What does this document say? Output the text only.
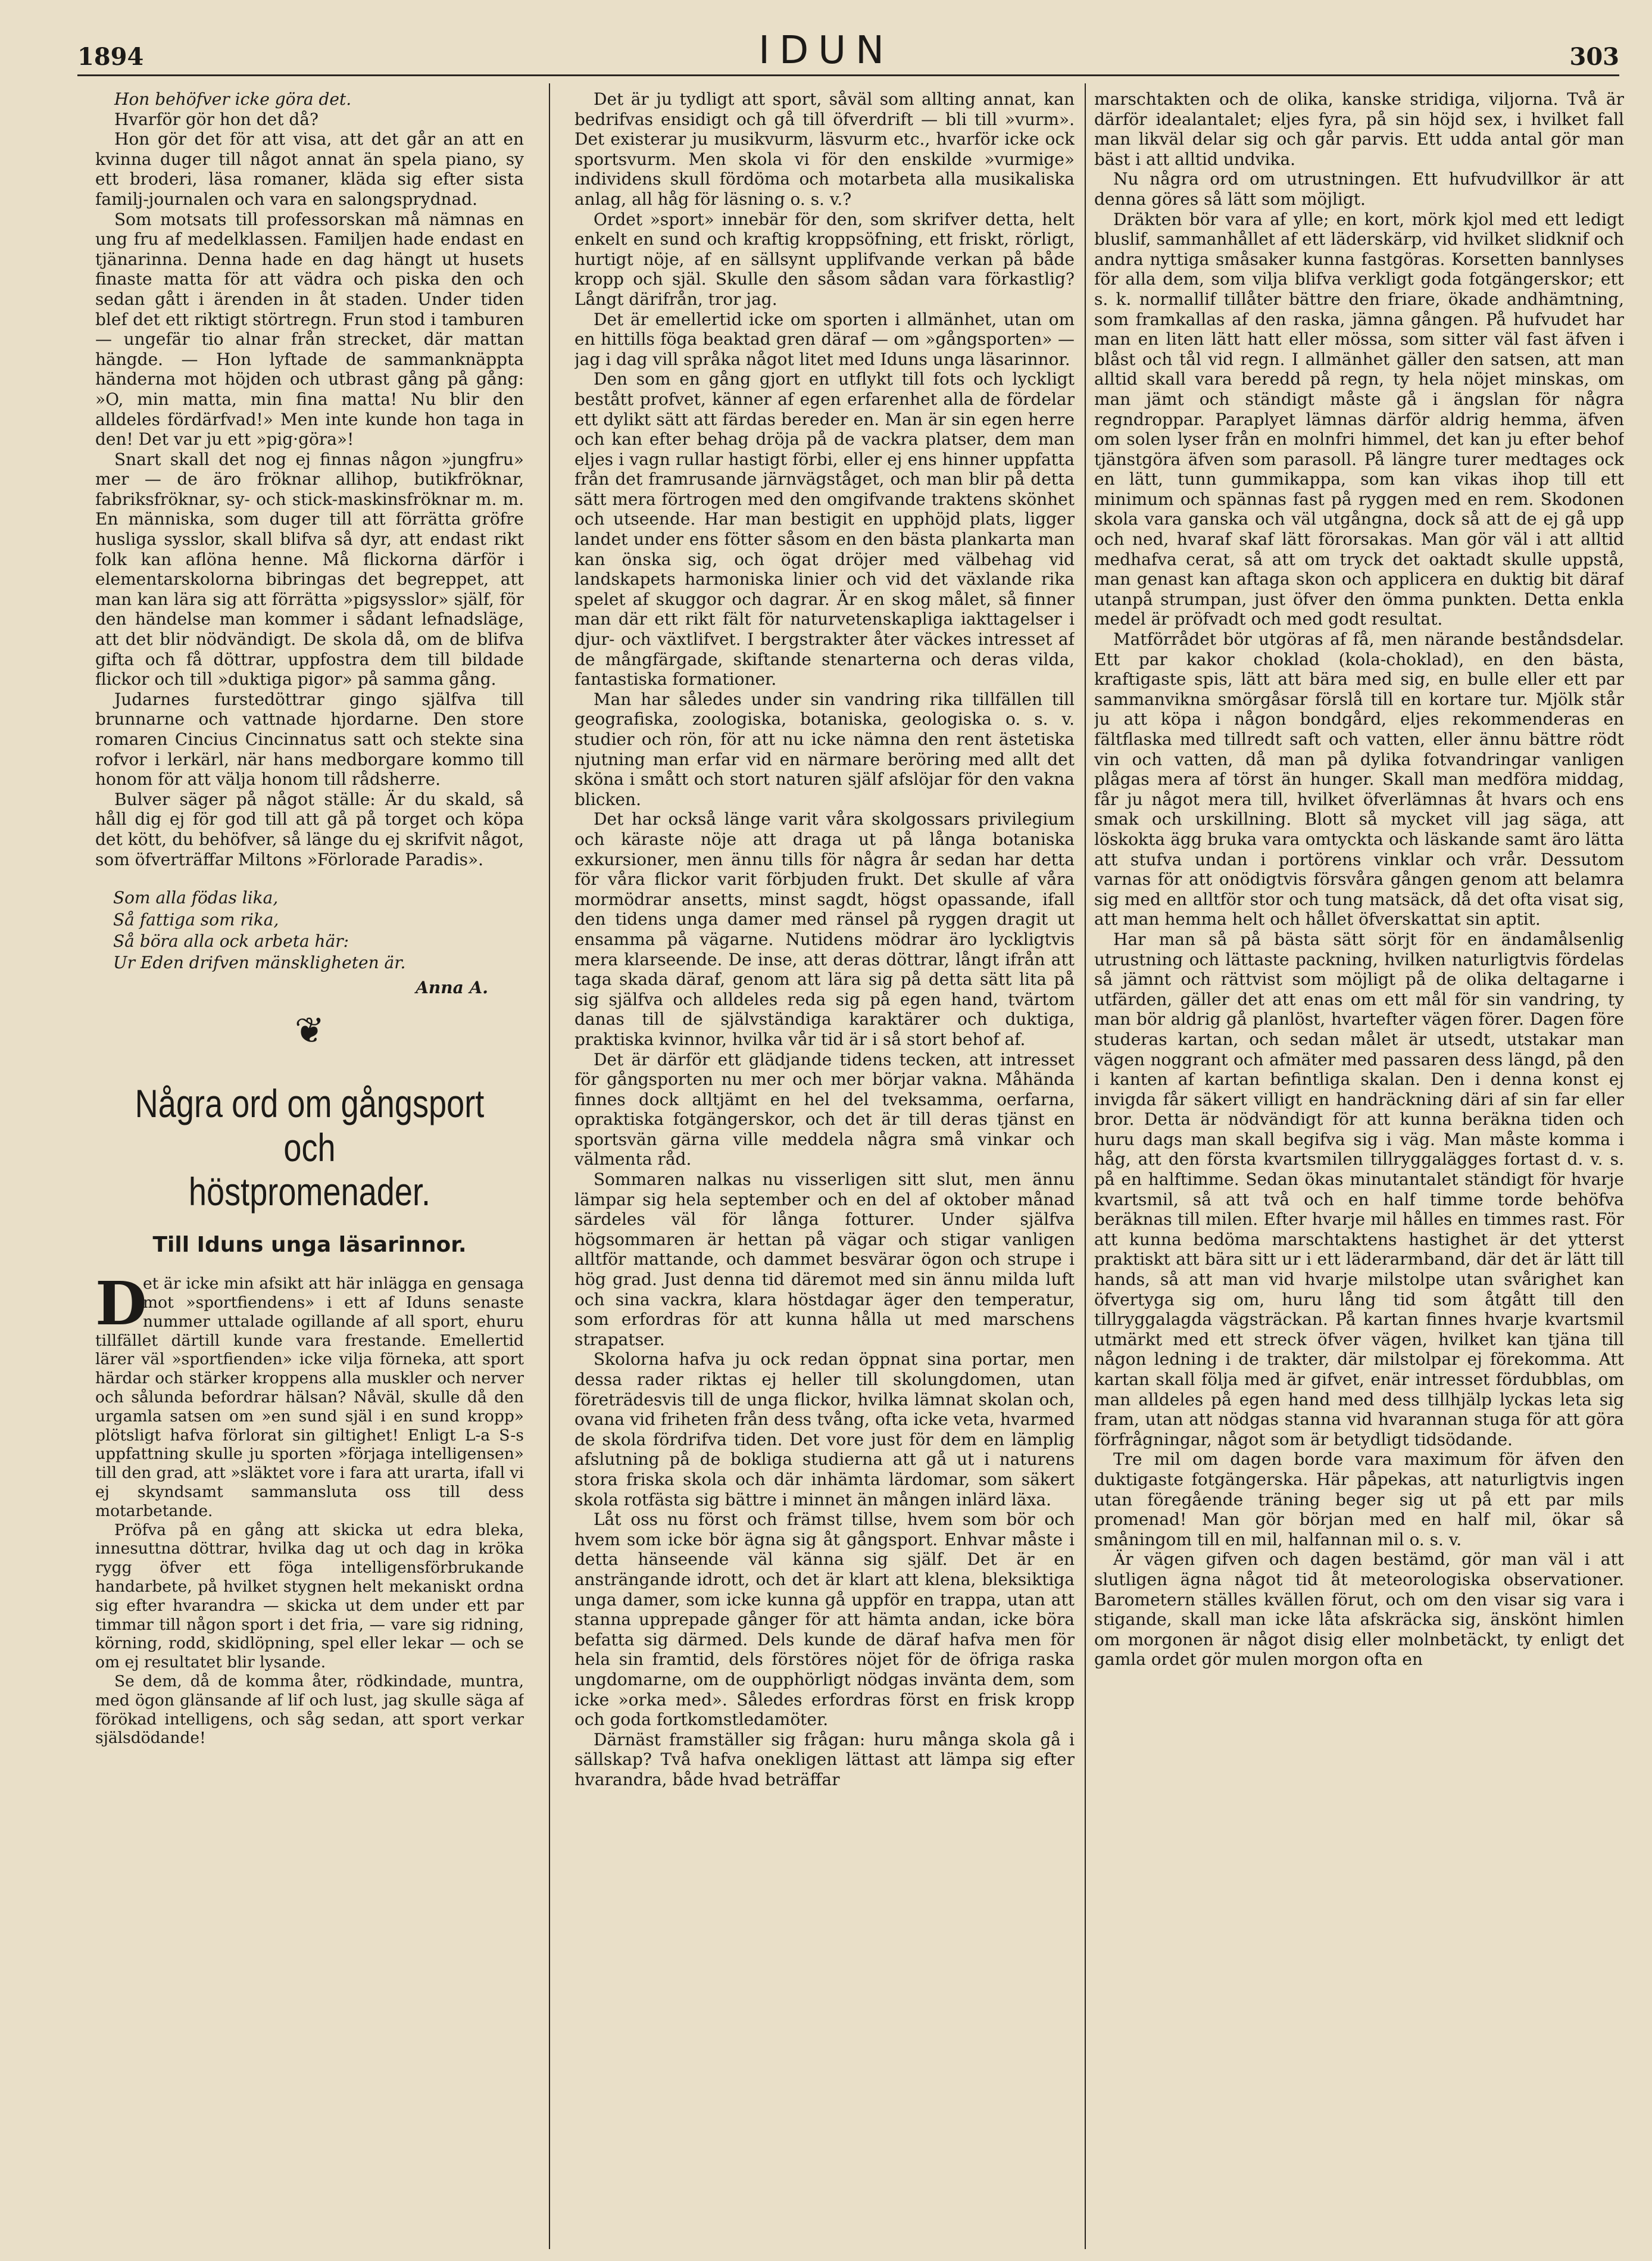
1894	IDUN	303

Hon behöfver icke göra det.

Hvarför gör hon det då?

Hon gör det för att visa, att det går an att en kvinna duger till något annat än spela piano, sy ett broderi, läsa romaner, kläda sig efter sista familj-journalen och vara en salongsprydnad.

Som motsats till professorskan må nämnas en ung fru af medelklassen. Familjen hade endast en tjänarinna. Denna hade en dag hängt ut husets finaste matta för att vädra och piska den och sedan gått i ärenden in åt staden. Under tiden blef det ett riktigt störtregn. Frun stod i tamburen — ungefär tio alnar från strecket, där mattan hängde. — Hon lyftade de sammanknäppta händerna mot höjden och utbrast gång på gång: »O, min matta, min fina matta! Nu blir den alldeles fördärfvad!» Men inte kunde hon taga in den! Det var ju ett »pig·göra»!

Snart skall det nog ej finnas någon »jungfru» mer — de äro fröknar allihop, butikfröknar, fabriksfröknar, sy- och stick-maskinsfröknar m. m. En människa, som duger till att förrätta gröfre husliga sysslor, skall blifva så dyr, att endast rikt folk kan aflöna henne. Må flickorna därför i elementarskolorna bibringas det begreppet, att man kan lära sig att förrätta »pigsysslor» själf, för den händelse man kommer i sådant lefnadsläge, att det blir nödvändigt. De skola då, om de blifva gifta och få döttrar, uppfostra dem till bildade flickor och till »duktiga pigor» på samma gång.

Judarnes furstedöttrar gingo själfva till brunnarne och vattnade hjordarne. Den store romaren Cincius Cincinnatus satt och stekte sina rofvor i lerkärl, när hans medborgare kommo till honom för att välja honom till rådsherre.

Bulver säger på något ställe: Är du skald, så håll dig ej för god till att gå på torget och köpa det kött, du behöfver, så länge du ej skrifvit något, som öfverträffar Miltons »Förlorade Paradis».

Som alla födas lika,
Så fattiga som rika,
Så böra alla ock arbeta här:
Ur Eden drifven mänskligheten är.
Anna A.
❦
Några ord om gångsport och
höstpromenader.
Till Iduns unga läsarinnor.

D
et är icke min afsikt att här inlägga en gensaga mot »sportfiendens» i ett af Iduns senaste nummer uttalade ogillande af all sport, ehuru tillfället därtill kunde vara frestande. Emellertid lärer väl »sportfienden» icke vilja förneka, att sport härdar och stärker kroppens alla muskler och nerver och sålunda befordrar hälsan? Nåväl, skulle då den urgamla satsen om »en sund själ i en sund kropp» plötsligt hafva förlorat sin giltighet! Enligt L-a S-s uppfattning skulle ju sporten »förjaga intelligensen» till den grad, att »släktet vore i fara att urarta, ifall vi ej skyndsamt sammansluta oss till dess motarbetande.

Pröfva på en gång att skicka ut edra bleka, innesuttna döttrar, hvilka dag ut och dag in kröka rygg öfver ett föga intelligensförbrukande handarbete, på hvilket stygnen helt mekaniskt ordna sig efter hvarandra — skicka ut dem under ett par timmar till någon sport i det fria, — vare sig ridning, körning, rodd, skidlöpning, spel eller lekar — och se om ej resultatet blir lysande.

Se dem, då de komma åter, rödkindade, muntra, med ögon glänsande af lif och lust, jag skulle säga af förökad intelligens, och såg sedan, att sport verkar själsdödande!

Det är ju tydligt att sport, såväl som allting annat, kan bedrifvas ensidigt och gå till öfverdrift — bli till »vurm». Det existerar ju musikvurm, läsvurm etc., hvarför icke ock sportsvurm. Men skola vi för den enskilde »vurmige» individens skull fördöma och motarbeta alla musikaliska anlag, all håg för läsning o. s. v.?

Ordet »sport» innebär för den, som skrifver detta, helt enkelt en sund och kraftig kroppsöfning, ett friskt, rörligt, hurtigt nöje, af en sällsynt upplifvande verkan på både kropp och själ. Skulle den såsom sådan vara förkastlig? Långt därifrån, tror jag.

Det är emellertid icke om sporten i allmänhet, utan om en hittills föga beaktad gren däraf — om »gångsporten» — jag i dag vill språka något litet med Iduns unga läsarinnor.

Den som en gång gjort en utflykt till fots och lyckligt bestått profvet, känner af egen erfarenhet alla de fördelar ett dylikt sätt att färdas bereder en. Man är sin egen herre och kan efter behag dröja på de vackra platser, dem man eljes i vagn rullar hastigt förbi, eller ej ens hinner uppfatta från det framrusande järnvägståget, och man blir på detta sätt mera förtrogen med den omgifvande traktens skönhet och utseende. Har man bestigit en upphöjd plats, ligger landet under ens fötter såsom en den bästa plankarta man kan önska sig, och ögat dröjer med välbehag vid landskapets harmoniska linier och vid det växlande rika spelet af skuggor och dagrar. Är en skog målet, så finner man där ett rikt fält för naturvetenskapliga iakttagelser i djur- och växtlifvet. I bergstrakter åter väckes intresset af de mångfärgade, skiftande stenarterna och deras vilda, fantastiska formationer.

Man har således under sin vandring rika tillfällen till geografiska, zoologiska, botaniska, geologiska o. s. v. studier och rön, för att nu icke nämna den rent ästetiska njutning man erfar vid en närmare beröring med allt det sköna i smått och stort naturen själf afslöjar för den vakna blicken.

Det har också länge varit våra skolgossars privilegium och käraste nöje att draga ut på långa botaniska exkursioner, men ännu tills för några år sedan har detta för våra flickor varit förbjuden frukt. Det skulle af våra mormödrar ansetts, minst sagdt, högst opassande, ifall den tidens unga damer med ränsel på ryggen dragit ut ensamma på vägarne. Nutidens mödrar äro lyckligtvis mera klarseende. De inse, att deras döttrar, långt ifrån att taga skada däraf, genom att lära sig på detta sätt lita på sig själfva och alldeles reda sig på egen hand, tvärtom danas till de självständiga karaktärer och duktiga, praktiska kvinnor, hvilka vår tid är i så stort behof af.

Det är därför ett glädjande tidens tecken, att intresset för gångsporten nu mer och mer börjar vakna. Måhända finnes dock alltjämt en hel del tveksamma, oerfarna, opraktiska fotgängerskor, och det är till deras tjänst en sportsvän gärna ville meddela några små vinkar och välmenta råd.

Sommaren nalkas nu visserligen sitt slut, men ännu lämpar sig hela september och en del af oktober månad särdeles väl för långa fotturer. Under själfva högsommaren är hettan på vägar och stigar vanligen alltför mattande, och dammet besvärar ögon och strupe i hög grad. Just denna tid däremot med sin ännu milda luft och sina vackra, klara höstdagar äger den temperatur, som erfordras för att kunna hålla ut med marschens strapatser.

Skolorna hafva ju ock redan öppnat sina portar, men dessa rader riktas ej heller till skolungdomen, utan företrädesvis till de unga flickor, hvilka lämnat skolan och, ovana vid friheten från dess tvång, ofta icke veta, hvarmed de skola fördrifva tiden. Det vore just för dem en lämplig afslutning på de bokliga studierna att gå ut i naturens stora friska skola och där inhämta lärdomar, som säkert skola rotfästa sig bättre i minnet än mången inlärd läxa.

Låt oss nu först och främst tillse, hvem som bör och hvem som icke bör ägna sig åt gångsport. Enhvar måste i detta hänseende väl känna sig själf. Det är en ansträngande idrott, och det är klart att klena, bleksiktiga unga damer, som icke kunna gå uppför en trappa, utan att stanna upprepade gånger för att hämta andan, icke böra befatta sig därmed. Dels kunde de däraf hafva men för hela sin framtid, dels förstöres nöjet för de öfriga raska ungdomarne, om de oupphörligt nödgas invänta dem, som icke »orka med». Således erfordras först en frisk kropp och goda fortkomstledamöter.

Därnäst framställer sig frågan: huru många skola gå i sällskap? Två hafva onekligen lättast att lämpa sig efter hvarandra, både hvad beträffar

marschtakten och de olika, kanske stridiga, viljorna. Två är därför idealantalet; eljes fyra, på sin höjd sex, i hvilket fall man likväl delar sig och går parvis. Ett udda antal gör man bäst i att alltid undvika.

Nu några ord om utrustningen. Ett hufvudvillkor är att denna göres så lätt som möjligt.

Dräkten bör vara af ylle; en kort, mörk kjol med ett ledigt bluslif, sammanhållet af ett läderskärp, vid hvilket slidknif och andra nyttiga småsaker kunna fastgöras. Korsetten bannlyses för alla dem, som vilja blifva verkligt goda fotgängerskor; ett s. k. normallif tillåter bättre den friare, ökade andhämtning, som framkallas af den raska, jämna gången. På hufvudet har man en liten lätt hatt eller mössa, som sitter väl fast äfven i blåst och tål vid regn. I allmänhet gäller den satsen, att man alltid skall vara beredd på regn, ty hela nöjet minskas, om man jämt och ständigt måste gå i ängslan för några regndroppar. Paraplyet lämnas därför aldrig hemma, äfven om solen lyser från en molnfri himmel, det kan ju efter behof tjänstgöra äfven som parasoll. På längre turer medtages ock en lätt, tunn gummikappa, som kan vikas ihop till ett minimum och spännas fast på ryggen med en rem. Skodonen skola vara ganska och väl utgångna, dock så att de ej gå upp och ned, hvaraf skaf lätt förorsakas. Man gör väl i att alltid medhafva cerat, så att om tryck det oaktadt skulle uppstå, man genast kan aftaga skon och applicera en duktig bit däraf utanpå strumpan, just öfver den ömma punkten. Detta enkla medel är pröfvadt och med godt resultat.

Matförrådet bör utgöras af få, men närande beståndsdelar. Ett par kakor choklad (kola-choklad), en den bästa, kraftigaste spis, lätt att bära med sig, en bulle eller ett par sammanvikna smörgåsar förslå till en kortare tur. Mjölk står ju att köpa i någon bondgård, eljes rekommenderas en fältflaska med tillredt saft och vatten, eller ännu bättre rödt vin och vatten, då man på dylika fotvandringar vanligen plågas mera af törst än hunger. Skall man medföra middag, får ju något mera till, hvilket öfverlämnas åt hvars och ens smak och urskillning. Blott så mycket vill jag säga, att löskokta ägg bruka vara omtyckta och läskande samt äro lätta att stufva undan i portörens vinklar och vrår. Dessutom varnas för att onödigtvis försvåra gången genom att belamra sig med en alltför stor och tung matsäck, då det ofta visat sig, att man hemma helt och hållet öfverskattat sin aptit.

Har man så på bästa sätt sörjt för en ändamålsenlig utrustning och lättaste packning, hvilken naturligtvis fördelas så jämnt och rättvist som möjligt på de olika deltagarne i utfärden, gäller det att enas om ett mål för sin vandring, ty man bör aldrig gå planlöst, hvartefter vägen förer. Dagen före studeras kartan, och sedan målet är utsedt, utstakar man vägen noggrant och afmäter med passaren dess längd, på den i kanten af kartan befintliga skalan. Den i denna konst ej invigda får säkert villigt en handräckning däri af sin far eller bror. Detta är nödvändigt för att kunna beräkna tiden och huru dags man skall begifva sig i väg. Man måste komma i håg, att den första kvartsmilen tillryggalägges fortast d. v. s. på en halftimme. Sedan ökas minutantalet ständigt för hvarje kvartsmil, så att två och en half timme torde behöfva beräknas till milen. Efter hvarje mil hålles en timmes rast. För att kunna bedöma marschtaktens hastighet är det ytterst praktiskt att bära sitt ur i ett läderarmband, där det är lätt till hands, så att man vid hvarje milstolpe utan svårighet kan öfvertyga sig om, huru lång tid som åtgått till den tillryggalagda vägsträckan. På kartan finnes hvarje kvartsmil utmärkt med ett streck öfver vägen, hvilket kan tjäna till någon ledning i de trakter, där milstolpar ej förekomma. Att kartan skall följa med är gifvet, enär intresset fördubblas, om man alldeles på egen hand med dess tillhjälp lyckas leta sig fram, utan att nödgas stanna vid hvarannan stuga för att göra förfrågningar, något som är betydligt tidsödande.

Tre mil om dagen borde vara maximum för äfven den duktigaste fotgängerska. Här påpekas, att naturligtvis ingen utan föregående träning beger sig ut på ett par mils promenad! Man gör början med en half mil, ökar så småningom till en mil, halfannan mil o. s. v.

Är vägen gifven och dagen bestämd, gör man väl i att slutligen ägna något tid åt meteorologiska observationer. Barometern ställes kvällen förut, och om den visar sig vara i stigande, skall man icke låta afskräcka sig, änskönt himlen om morgonen är något disig eller molnbetäckt, ty enligt det gamla ordet gör mulen morgon ofta en
